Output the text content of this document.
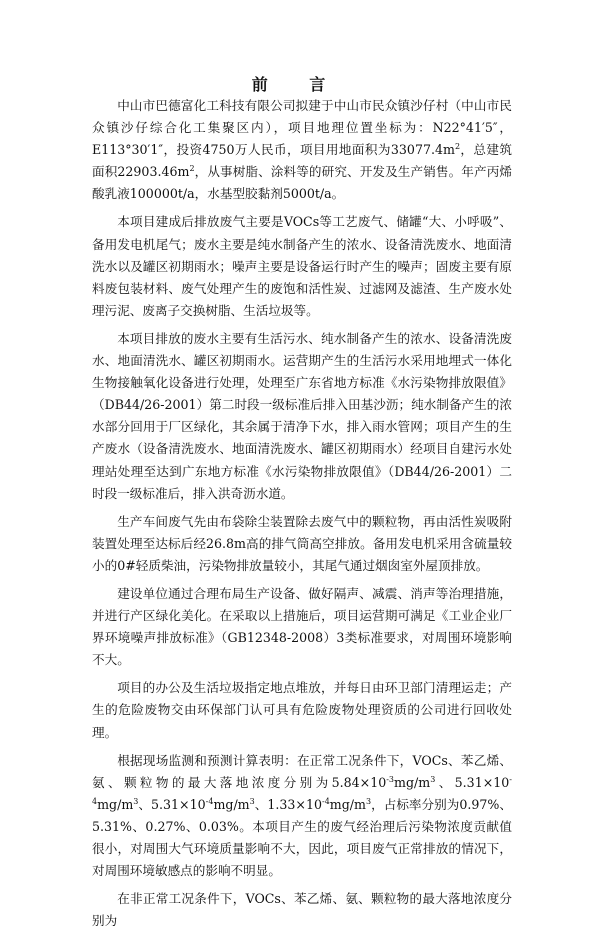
前 言

中山市巴德富化工科技有限公司拟建于中山市民众镇沙仔村（中山市民众镇沙仔综合化工集聚区内），项目地理位置坐标为：N22°41′5″，E113°30′1″，投资4750万人民币，项目用地面积为$33077.4m^2$，总建筑面积$22903.46m^2$，从事树脂、涂料等的研究、开发及生产销售。年产丙烯酸乳液100000t/a，水基型胶黏剂5000t/a。

本项目建成后排放废气主要是VOCs等工艺废气、储罐“大、小呼吸”、备用发电机尾气；废水主要是纯水制备产生的浓水、设备清洗废水、地面清洗水以及罐区初期雨水；噪声主要是设备运行时产生的噪声；固废主要有原料废包装材料、废气处理产生的废饱和活性炭、过滤网及滤渣、生产废水处理污泥、废离子交换树脂、生活垃圾等。

本项目排放的废水主要有生活污水、纯水制备产生的浓水、设备清洗废水、地面清洗水、罐区初期雨水。运营期产生的生活污水采用地埋式一体化生物接触氧化设备进行处理，处理至广东省地方标准《水污染物排放限值》（DB44/26-2001）第二时段一级标准后排入田基沙沥；纯水制备产生的浓水部分回用于厂区绿化，其余属于清净下水，排入雨水管网；项目产生的生产废水（设备清洗废水、地面清洗废水、罐区初期雨水）经项目自建污水处理站处理至达到广东地方标准《水污染物排放限值》（DB44/26-2001）二时段一级标准后，排入洪奇沥水道。

生产车间废气先由布袋除尘装置除去废气中的颗粒物，再由活性炭吸附装置处理至达标后经26.8m高的排气筒高空排放。备用发电机采用含硫量较小的0#轻质柴油，污染物排放量较小，其尾气通过烟囱室外屋顶排放。

建设单位通过合理布局生产设备、做好隔声、减震、消声等治理措施，并进行产区绿化美化。在采取以上措施后，项目运营期可满足《工业企业厂界环境噪声排放标准》（GB12348-2008）3类标准要求，对周围环境影响不大。

项目的办公及生活垃圾指定地点堆放，并每日由环卫部门清理运走；产生的危险废物交由环保部门认可具有危险废物处理资质的公司进行回收处理。

根据现场监测和预测计算表明：在正常工况条件下，VOCs、苯乙烯、氨、颗粒物的最大落地浓度分别为$5.84\times 10^{-3}mg/m^3$、$5.31\times 10^{-4}mg/m^3$、$5.31\times 10^{-4}mg/m^3$、$1.33\times 10^{-4}mg/m^3$，占标率分别为0.97%、5.31%、0.27%、0.03%。本项目产生的废气经治理后污染物浓度贡献值很小，对周围大气环境质量影响不大，因此，项目废气正常排放的情况下，对周围环境敏感点的影响不明显。

在非正常工况条件下，VOCs、苯乙烯、氨、颗粒物的最大落地浓度分别为
